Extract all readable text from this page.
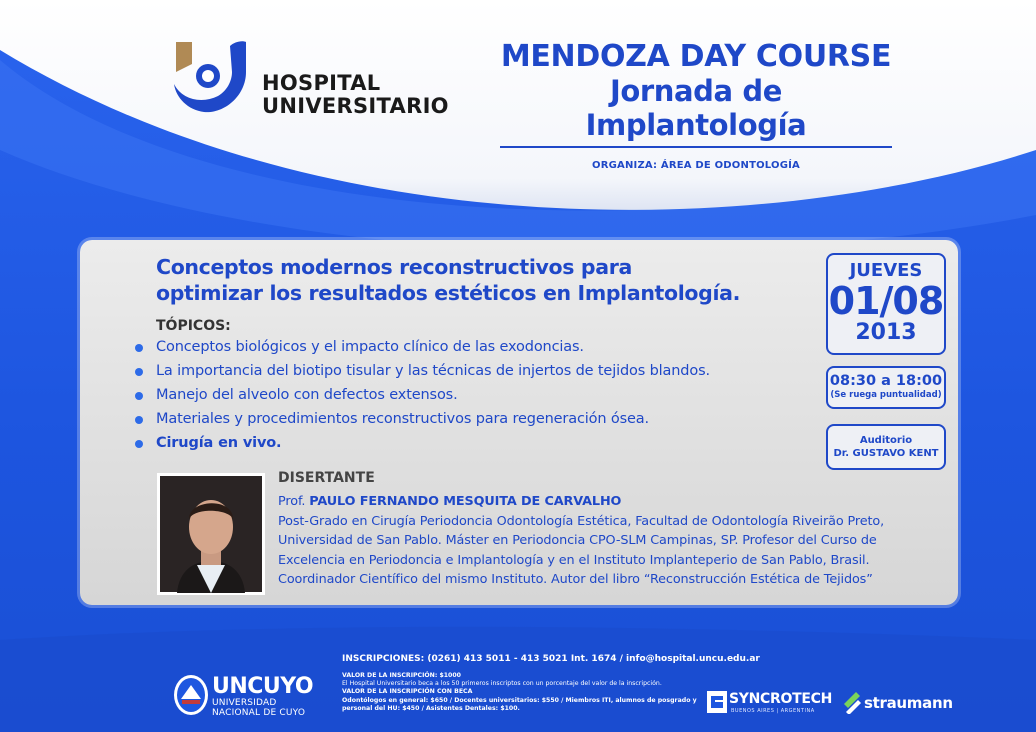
HOSPITAL
UNIVERSITARIO
MENDOZA DAY COURSE
Jornada de Implantología
ORGANIZA: ÁREA DE ODONTOLOGÍA
Conceptos modernos reconstructivos para
optimizar los resultados estéticos en Implantología.
TÓPICOS:
Conceptos biológicos y el impacto clínico de las exodoncias.
La importancia del biotipo tisular y las técnicas de injertos de tejidos blandos.
Manejo del alveolo con defectos extensos.
Materiales y procedimientos reconstructivos para regeneración ósea.
Cirugía en vivo.
JUEVES
01/08
2013
08:30 a 18:00
(Se ruega puntualidad)
Auditorio
Dr. GUSTAVO KENT
DISERTANTE
Prof. PAULO FERNANDO MESQUITA DE CARVALHO
Post-Grado en Cirugía Periodoncia Odontología Estética, Facultad de Odontología Riveirão Preto,
Universidad de San Pablo. Máster en Periodoncia CPO-SLM Campinas, SP. Profesor del Curso de
Excelencia en Periodoncia e Implantología y en el Instituto Implanteperio de San Pablo, Brasil.
Coordinador Científico del mismo Instituto. Autor del libro “Reconstrucción Estética de Tejidos”
UNCUYO
UNIVERSIDAD
NACIONAL DE CUYO
INSCRIPCIONES: (0261) 413 5011 - 413 5021 Int. 1674 / info@hospital.uncu.edu.ar
VALOR DE LA INSCRIPCIÓN: $1000
El Hospital Universitario beca a los 50 primeros inscriptos con un porcentaje del valor de la inscripción.
VALOR DE LA INSCRIPCIÓN CON BECA
Odontólogos en general: $650 / Docentes universitarios: $550 / Miembros ITI, alumnos de posgrado y
personal del HU: $450 / Asistentes Dentales: $100.
SYNCROTECH
BUENOS AIRES | ARGENTINA	straumann
